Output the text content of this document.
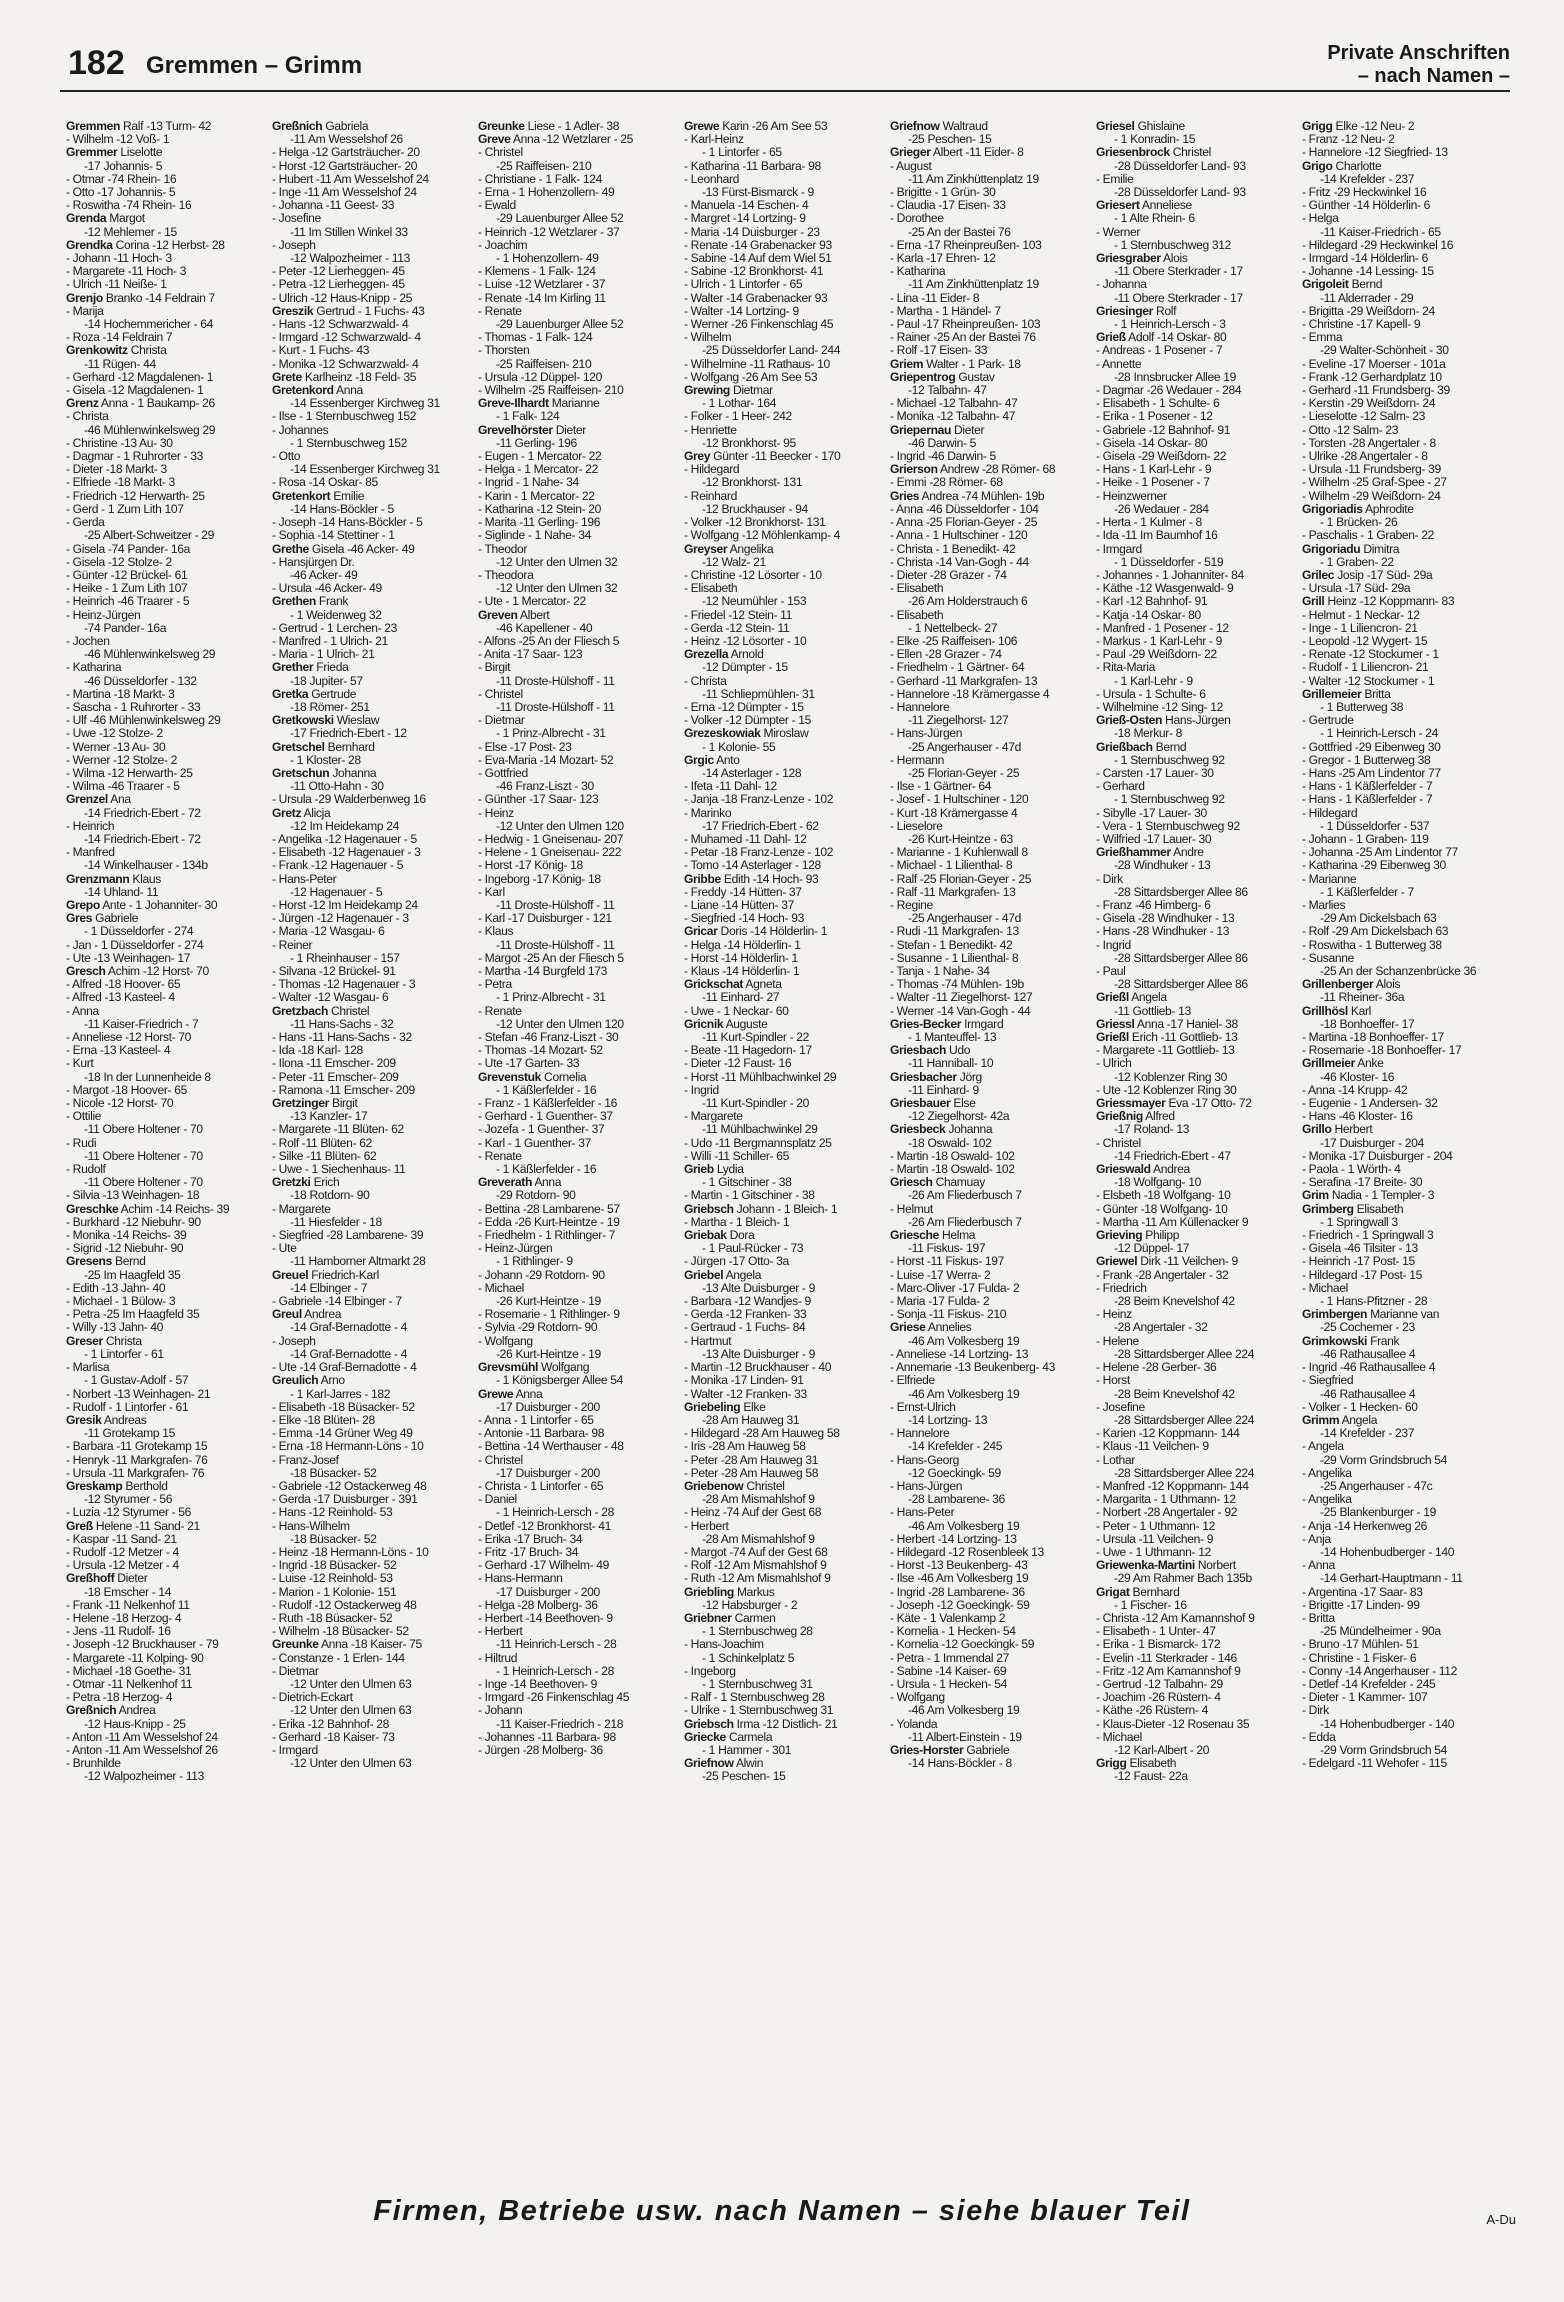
182 Gremmen – Grimm	Private Anschriften
– nach Namen –
Gremmen Ralf -13 Turm- 42
- Wilhelm -12 Voß- 1
Gremmer Liselotte
-17 Johannis- 5
- Otmar -74 Rhein- 16
- Otto -17 Johannis- 5
- Roswitha -74 Rhein- 16
Grenda Margot
-12 Mehlemer - 15
Grendka Corina -12 Herbst- 28
- Johann -11 Hoch- 3
- Margarete -11 Hoch- 3
- Ulrich -11 Neiße- 1
Grenjo Branko -14 Feldrain 7
- Marija
-14 Hochemmericher - 64
- Roza -14 Feldrain 7
Grenkowitz Christa
-11 Rügen- 44
- Gerhard -12 Magdalenen- 1
- Gisela -12 Magdalenen- 1
Grenz Anna - 1 Baukamp- 26
- Christa
-46 Mühlenwinkelsweg 29
- Christine -13 Au- 30
- Dagmar - 1 Ruhrorter - 33
- Dieter -18 Markt- 3
- Elfriede -18 Markt- 3
- Friedrich -12 Herwarth- 25
- Gerd - 1 Zum Lith 107
- Gerda
-25 Albert-Schweitzer - 29
- Gisela -74 Pander- 16a
- Gisela -12 Stolze- 2
- Günter -12 Brückel- 61
- Heike - 1 Zum Lith 107
- Heinrich -46 Traarer - 5
- Heinz-Jürgen
-74 Pander- 16a
- Jochen
-46 Mühlenwinkelsweg 29
- Katharina
-46 Düsseldorfer - 132
- Martina -18 Markt- 3
- Sascha - 1 Ruhrorter - 33
- Ulf -46 Mühlenwinkelsweg 29
- Uwe -12 Stolze- 2
- Werner -13 Au- 30
- Werner -12 Stolze- 2
- Wilma -12 Herwarth- 25
- Wilma -46 Traarer - 5
Grenzel Ana
-14 Friedrich-Ebert - 72
- Heinrich
-14 Friedrich-Ebert - 72
- Manfred
-14 Winkelhauser - 134b
Grenzmann Klaus
-14 Uhland- 11
Grepo Ante - 1 Johanniter- 30
Gres Gabriele
- 1 Düsseldorfer - 274
- Jan - 1 Düsseldorfer - 274
- Ute -13 Weinhagen- 17
Gresch Achim -12 Horst- 70
- Alfred -18 Hoover- 65
- Alfred -13 Kasteel- 4
- Anna
-11 Kaiser-Friedrich - 7
- Anneliese -12 Horst- 70
- Erna -13 Kasteel- 4
- Kurt
-18 In der Lunnenheide 8
- Margot -18 Hoover- 65
- Nicole -12 Horst- 70
- Ottilie
-11 Obere Holtener - 70
- Rudi
-11 Obere Holtener - 70
- Rudolf
-11 Obere Holtener - 70
- Silvia -13 Weinhagen- 18
Greschke Achim -14 Reichs- 39
- Burkhard -12 Niebuhr- 90
- Monika -14 Reichs- 39
- Sigrid -12 Niebuhr- 90
Gresens Bernd
-25 Im Haagfeld 35
- Edith -13 Jahn- 40
- Michael - 1 Bülow- 3
- Petra -25 Im Haagfeld 35
- Willy -13 Jahn- 40
Greser Christa
- 1 Lintorfer - 61
- Marlisa
- 1 Gustav-Adolf - 57
- Norbert -13 Weinhagen- 21
- Rudolf - 1 Lintorfer - 61
Gresik Andreas
-11 Grotekamp 15
- Barbara -11 Grotekamp 15
- Henryk -11 Markgrafen- 76
- Ursula -11 Markgrafen- 76
Greskamp Berthold
-12 Styrumer - 56
- Luzia -12 Styrumer - 56
Greß Helene -11 Sand- 21
- Kaspar -11 Sand- 21
- Rudolf -12 Metzer - 4
- Ursula -12 Metzer - 4
Greßhoff Dieter
-18 Emscher - 14
- Frank -11 Nelkenhof 11
- Helene -18 Herzog- 4
- Jens -11 Rudolf- 16
- Joseph -12 Bruckhauser - 79
- Margarete -11 Kolping- 90
- Michael -18 Goethe- 31
- Otmar -11 Nelkenhof 11
- Petra -18 Herzog- 4
Greßnich Andrea
-12 Haus-Knipp - 25
- Anton -11 Am Wesselshof 24
- Anton -11 Am Wesselshof 26
- Brunhilde
-12 Walpozheimer - 113
Greßnich Gabriela
-11 Am Wesselshof 26
- Helga -12 Gartsträucher- 20
- Horst -12 Gartsträucher- 20
- Hubert -11 Am Wesselshof 24
- Inge -11 Am Wesselshof 24
- Johanna -11 Geest- 33
- Josefine
-11 Im Stillen Winkel 33
- Joseph
-12 Walpozheimer - 113
- Peter -12 Lierheggen- 45
- Petra -12 Lierheggen- 45
- Ulrich -12 Haus-Knipp - 25
Greszik Gertrud - 1 Fuchs- 43
- Hans -12 Schwarzwald- 4
- Irmgard -12 Schwarzwald- 4
- Kurt - 1 Fuchs- 43
- Monika -12 Schwarzwald- 4
Grete Karlheinz -18 Feld- 35
Gretenkord Anna
-14 Essenberger Kirchweg 31
- Ilse - 1 Sternbuschweg 152
- Johannes
- 1 Sternbuschweg 152
- Otto
-14 Essenberger Kirchweg 31
- Rosa -14 Oskar- 85
Gretenkort Emilie
-14 Hans-Böckler - 5
- Joseph -14 Hans-Böckler - 5
- Sophia -14 Stettiner - 1
Grethe Gisela -46 Acker- 49
- Hansjürgen Dr.
-46 Acker- 49
- Ursula -46 Acker- 49
Grethen Frank
- 1 Weidenweg 32
- Gertrud - 1 Lerchen- 23
- Manfred - 1 Ulrich- 21
- Maria - 1 Ulrich- 21
Grether Frieda
-18 Jupiter- 57
Gretka Gertrude
-18 Römer- 251
Gretkowski Wieslaw
-17 Friedrich-Ebert - 12
Gretschel Bernhard
- 1 Kloster- 28
Gretschun Johanna
-11 Otto-Hahn - 30
- Ursula -29 Walderbenweg 16
Gretz Alicja
-12 Im Heidekamp 24
- Angelika -12 Hagenauer - 5
- Elisabeth -12 Hagenauer - 3
- Frank -12 Hagenauer - 5
- Hans-Peter
-12 Hagenauer - 5
- Horst -12 Im Heidekamp 24
- Jürgen -12 Hagenauer - 3
- Maria -12 Wasgau- 6
- Reiner
- 1 Rheinhauser - 157
- Silvana -12 Brückel- 91
- Thomas -12 Hagenauer - 3
- Walter -12 Wasgau- 6
Gretzbach Christel
-11 Hans-Sachs - 32
- Hans -11 Hans-Sachs - 32
- Ida -18 Karl- 128
- Ilona -11 Emscher- 209
- Peter -11 Emscher- 209
- Ramona -11 Emscher- 209
Gretzinger Birgit
-13 Kanzler- 17
- Margarete -11 Blüten- 62
- Rolf -11 Blüten- 62
- Silke -11 Blüten- 62
- Uwe - 1 Siechenhaus- 11
Gretzki Erich
-18 Rotdorn- 90
- Margarete
-11 Hiesfelder - 18
- Siegfried -28 Lambarene- 39
- Ute
-11 Hamborner Altmarkt 28
Greuel Friedrich-Karl
-14 Elbinger - 7
- Gabriele -14 Elbinger - 7
Greul Andrea
-14 Graf-Bernadotte - 4
- Joseph
-14 Graf-Bernadotte - 4
- Ute -14 Graf-Bernadotte - 4
Greulich Arno
- 1 Karl-Jarres - 182
- Elisabeth -18 Büsacker- 52
- Elke -18 Blüten- 28
- Emma -14 Grüner Weg 49
- Erna -18 Hermann-Löns - 10
- Franz-Josef
-18 Büsacker- 52
- Gabriele -12 Ostackerweg 48
- Gerda -17 Duisburger - 391
- Hans -12 Reinhold- 53
- Hans-Wilhelm
-18 Büsacker- 52
- Heinz -18 Hermann-Löns - 10
- Ingrid -18 Büsacker- 52
- Luise -12 Reinhold- 53
- Marion - 1 Kolonie- 151
- Rudolf -12 Ostackerweg 48
- Ruth -18 Büsacker- 52
- Wilhelm -18 Büsacker- 52
Greunke Anna -18 Kaiser- 75
- Constanze - 1 Erlen- 144
- Dietmar
-12 Unter den Ulmen 63
- Dietrich-Eckart
-12 Unter den Ulmen 63
- Erika -12 Bahnhof- 28
- Gerhard -18 Kaiser- 73
- Irmgard
-12 Unter den Ulmen 63
Greunke Liese - 1 Adler- 38
Greve Anna -12 Wetzlarer - 25
- Christel
-25 Raiffeisen- 210
- Christiane - 1 Falk- 124
- Erna - 1 Hohenzollern- 49
- Ewald
-29 Lauenburger Allee 52
- Heinrich -12 Wetzlarer - 37
- Joachim
- 1 Hohenzollern- 49
- Klemens - 1 Falk- 124
- Luise -12 Wetzlarer - 37
- Renate -14 Im Kirling 11
- Renate
-29 Lauenburger Allee 52
- Thomas - 1 Falk- 124
- Thorsten
-25 Raiffeisen- 210
- Ursula -12 Düppel- 120
- Wilhelm -25 Raiffeisen- 210
Greve-Ilhardt Marianne
- 1 Falk- 124
Grevelhörster Dieter
-11 Gerling- 196
- Eugen - 1 Mercator- 22
- Helga - 1 Mercator- 22
- Ingrid - 1 Nahe- 34
- Karin - 1 Mercator- 22
- Katharina -12 Stein- 20
- Marita -11 Gerling- 196
- Siglinde - 1 Nahe- 34
- Theodor
-12 Unter den Ulmen 32
- Theodora
-12 Unter den Ulmen 32
- Ute - 1 Mercator- 22
Greven Albert
-46 Kapellener - 40
- Alfons -25 An der Fliesch 5
- Anita -17 Saar- 123
- Birgit
-11 Droste-Hülshoff - 11
- Christel
-11 Droste-Hülshoff - 11
- Dietmar
- 1 Prinz-Albrecht - 31
- Else -17 Post- 23
- Eva-Maria -14 Mozart- 52
- Gottfried
-46 Franz-Liszt - 30
- Günther -17 Saar- 123
- Heinz
-12 Unter den Ulmen 120
- Hedwig - 1 Gneisenau- 207
- Helene - 1 Gneisenau- 222
- Horst -17 König- 18
- Ingeborg -17 König- 18
- Karl
-11 Droste-Hülshoff - 11
- Karl -17 Duisburger - 121
- Klaus
-11 Droste-Hülshoff - 11
- Margot -25 An der Fliesch 5
- Martha -14 Burgfeld 173
- Petra
- 1 Prinz-Albrecht - 31
- Renate
-12 Unter den Ulmen 120
- Stefan -46 Franz-Liszt - 30
- Thomas -14 Mozart- 52
- Ute -17 Garten- 33
Grevenstuk Cornelia
- 1 Käßlerfelder - 16
- Franz - 1 Käßlerfelder - 16
- Gerhard - 1 Guenther- 37
- Jozefa - 1 Guenther- 37
- Karl - 1 Guenther- 37
- Renate
- 1 Käßlerfelder - 16
Greverath Anna
-29 Rotdorn- 90
- Bettina -28 Lambarene- 57
- Edda -26 Kurt-Heintze - 19
- Friedhelm - 1 Rithlinger- 7
- Heinz-Jürgen
- 1 Rithlinger- 9
- Johann -29 Rotdorn- 90
- Michael
-26 Kurt-Heintze - 19
- Rosemarie - 1 Rithlinger- 9
- Sylvia -29 Rotdorn- 90
- Wolfgang
-26 Kurt-Heintze - 19
Grevsmühl Wolfgang
- 1 Königsberger Allee 54
Grewe Anna
-17 Duisburger - 200
- Anna - 1 Lintorfer - 65
- Antonie -11 Barbara- 98
- Bettina -14 Werthauser - 48
- Christel
-17 Duisburger - 200
- Christa - 1 Lintorfer - 65
- Daniel
- 1 Heinrich-Lersch - 28
- Detlef -12 Bronkhorst- 41
- Erika -17 Bruch- 34
- Fritz -17 Bruch- 34
- Gerhard -17 Wilhelm- 49
- Hans-Hermann
-17 Duisburger - 200
- Helga -28 Molberg- 36
- Herbert -14 Beethoven- 9
- Herbert
-11 Heinrich-Lersch - 28
- Hiltrud
- 1 Heinrich-Lersch - 28
- Inge -14 Beethoven- 9
- Irmgard -26 Finkenschlag 45
- Johann
-11 Kaiser-Friedrich - 218
- Johannes -11 Barbara- 98
- Jürgen -28 Molberg- 36
Grewe Karin -26 Am See 53
- Karl-Heinz
- 1 Lintorfer - 65
- Katharina -11 Barbara- 98
- Leonhard
-13 Fürst-Bismarck - 9
- Manuela -14 Eschen- 4
- Margret -14 Lortzing- 9
- Maria -14 Duisburger - 23
- Renate -14 Grabenacker 93
- Sabine -14 Auf dem Wiel 51
- Sabine -12 Bronkhorst- 41
- Ulrich - 1 Lintorfer - 65
- Walter -14 Grabenacker 93
- Walter -14 Lortzing- 9
- Werner -26 Finkenschlag 45
- Wilhelm
-25 Düsseldorfer Land- 244
- Wilhelmine -11 Rathaus- 10
- Wolfgang -26 Am See 53
Grewing Dietmar
- 1 Lothar- 164
- Folker - 1 Heer- 242
- Henriette
-12 Bronkhorst- 95
Grey Günter -11 Beecker - 170
- Hildegard
-12 Bronkhorst- 131
- Reinhard
-12 Bruckhauser - 94
- Volker -12 Bronkhorst- 131
- Wolfgang -12 Möhlenkamp- 4
Greyser Angelika
-12 Walz- 21
- Christine -12 Lösorter - 10
- Elisabeth
-12 Neumühler - 153
- Friedel -12 Stein- 11
- Gerda -12 Stein- 11
- Heinz -12 Lösorter - 10
Grezella Arnold
-12 Dümpter - 15
- Christa
-11 Schliepmühlen- 31
- Erna -12 Dümpter - 15
- Volker -12 Dümpter - 15
Grezeskowiak Miroslaw
- 1 Kolonie- 55
Grgic Anto
-14 Asterlager - 128
- Ifeta -11 Dahl- 12
- Janja -18 Franz-Lenze - 102
- Marinko
-17 Friedrich-Ebert - 62
- Muhamed -11 Dahl- 12
- Petar -18 Franz-Lenze - 102
- Tomo -14 Asterlager - 128
Gribbe Edith -14 Hoch- 93
- Freddy -14 Hütten- 37
- Liane -14 Hütten- 37
- Siegfried -14 Hoch- 93
Gricar Doris -14 Hölderlin- 1
- Helga -14 Hölderlin- 1
- Horst -14 Hölderlin- 1
- Klaus -14 Hölderlin- 1
Grickschat Agneta
-11 Einhard- 27
- Uwe - 1 Neckar- 60
Gricnik Auguste
-11 Kurt-Spindler - 22
- Beate -11 Hagedorn- 17
- Dieter -12 Faust- 16
- Horst -11 Mühlbachwinkel 29
- Ingrid
-11 Kurt-Spindler - 20
- Margarete
-11 Mühlbachwinkel 29
- Udo -11 Bergmannsplatz 25
- Willi -11 Schiller- 65
Grieb Lydia
- 1 Gitschiner - 38
- Martin - 1 Gitschiner - 38
Griebsch Johann - 1 Bleich- 1
- Martha - 1 Bleich- 1
Griebak Dora
- 1 Paul-Rücker - 73
- Jürgen -17 Otto- 3a
Griebel Angela
-13 Alte Duisburger - 9
- Barbara -12 Wandjes- 9
- Gerda -12 Franken- 33
- Gertraud - 1 Fuchs- 84
- Hartmut
-13 Alte Duisburger - 9
- Martin -12 Bruckhauser - 40
- Monika -17 Linden- 91
- Walter -12 Franken- 33
Griebeling Elke
-28 Am Hauweg 31
- Hildegard -28 Am Hauweg 58
- Iris -28 Am Hauweg 58
- Peter -28 Am Hauweg 31
- Peter -28 Am Hauweg 58
Griebenow Christel
-28 Am Mismahlshof 9
- Heinz -74 Auf der Gest 68
- Herbert
-28 Am Mismahlshof 9
- Margot -74 Auf der Gest 68
- Rolf -12 Am Mismahlshof 9
- Ruth -12 Am Mismahlshof 9
Griebling Markus
-12 Habsburger - 2
Griebner Carmen
- 1 Sternbuschweg 28
- Hans-Joachim
- 1 Schinkelplatz 5
- Ingeborg
- 1 Sternbuschweg 31
- Ralf - 1 Sternbuschweg 28
- Ulrike - 1 Sternbuschweg 31
Griebsch Irma -12 Distlich- 21
Griecke Carmela
- 1 Hammer - 301
Griefnow Alwin
-25 Peschen- 15
Griefnow Waltraud
-25 Peschen- 15
Grieger Albert -11 Eider- 8
- August
-11 Am Zinkhüttenplatz 19
- Brigitte - 1 Grün- 30
- Claudia -17 Eisen- 33
- Dorothee
-25 An der Bastei 76
- Erna -17 Rheinpreußen- 103
- Karla -17 Ehren- 12
- Katharina
-11 Am Zinkhüttenplatz 19
- Lina -11 Eider- 8
- Martha - 1 Händel- 7
- Paul -17 Rheinpreußen- 103
- Rainer -25 An der Bastei 76
- Rolf -17 Eisen- 33
Griem Walter - 1 Park- 18
Griepentrog Gustav
-12 Talbahn- 47
- Michael -12 Talbahn- 47
- Monika -12 Talbahn- 47
Griepernau Dieter
-46 Darwin- 5
- Ingrid -46 Darwin- 5
Grierson Andrew -28 Römer- 68
- Emmi -28 Römer- 68
Gries Andrea -74 Mühlen- 19b
- Anna -46 Düsseldorfer - 104
- Anna -25 Florian-Geyer - 25
- Anna - 1 Hultschiner - 120
- Christa - 1 Benedikt- 42
- Christa -14 Van-Gogh - 44
- Dieter -28 Grazer - 74
- Elisabeth
-26 Am Holderstrauch 6
- Elisabeth
- 1 Nettelbeck- 27
- Elke -25 Raiffeisen- 106
- Ellen -28 Grazer - 74
- Friedhelm - 1 Gärtner- 64
- Gerhard -11 Markgrafen- 13
- Hannelore -18 Krämergasse 4
- Hannelore
-11 Ziegelhorst- 127
- Hans-Jürgen
-25 Angerhauser - 47d
- Hermann
-25 Florian-Geyer - 25
- Ilse - 1 Gärtner- 64
- Josef - 1 Hultschiner - 120
- Kurt -18 Krämergasse 4
- Lieselore
-26 Kurt-Heintze - 63
- Marianne - 1 Kuhlenwall 8
- Michael - 1 Lilienthal- 8
- Ralf -25 Florian-Geyer - 25
- Ralf -11 Markgrafen- 13
- Regine
-25 Angerhauser - 47d
- Rudi -11 Markgrafen- 13
- Stefan - 1 Benedikt- 42
- Susanne - 1 Lilienthal- 8
- Tanja - 1 Nahe- 34
- Thomas -74 Mühlen- 19b
- Walter -11 Ziegelhorst- 127
- Werner -14 Van-Gogh - 44
Gries-Becker Irmgard
- 1 Manteuffel- 13
Griesbach Udo
-11 Hanniball- 10
Griesbacher Jörg
-11 Einhard- 9
Griesbauer Else
-12 Ziegelhorst- 42a
Griesbeck Johanna
-18 Oswald- 102
- Martin -18 Oswald- 102
- Martin -18 Oswald- 102
Griesch Chamuay
-26 Am Fliederbusch 7
- Helmut
-26 Am Fliederbusch 7
Griesche Helma
-11 Fiskus- 197
- Horst -11 Fiskus- 197
- Luise -17 Werra- 2
- Marc-Oliver -17 Fulda- 2
- Maria -17 Fulda- 2
- Sonja -11 Fiskus- 210
Griese Annelies
-46 Am Volkesberg 19
- Anneliese -14 Lortzing- 13
- Annemarie -13 Beukenberg- 43
- Elfriede
-46 Am Volkesberg 19
- Ernst-Ulrich
-14 Lortzing- 13
- Hannelore
-14 Krefelder - 245
- Hans-Georg
-12 Goeckingk- 59
- Hans-Jürgen
-28 Lambarene- 36
- Hans-Peter
-46 Am Volkesberg 19
- Herbert -14 Lortzing- 13
- Hildegard -12 Rosenbleek 13
- Horst -13 Beukenberg- 43
- Ilse -46 Am Volkesberg 19
- Ingrid -28 Lambarene- 36
- Joseph -12 Goeckingk- 59
- Käte - 1 Valenkamp 2
- Kornelia - 1 Hecken- 54
- Kornelia -12 Goeckingk- 59
- Petra - 1 Immendal 27
- Sabine -14 Kaiser- 69
- Ursula - 1 Hecken- 54
- Wolfgang
-46 Am Volkesberg 19
- Yolanda
-11 Albert-Einstein - 19
Gries-Horster Gabriele
-14 Hans-Böckler - 8
Griesel Ghislaine
- 1 Konradin- 15
Griesenbrock Christel
-28 Düsseldorfer Land- 93
- Emilie
-28 Düsseldorfer Land- 93
Griesert Anneliese
- 1 Alte Rhein- 6
- Werner
- 1 Sternbuschweg 312
Griesgraber Alois
-11 Obere Sterkrader - 17
- Johanna
-11 Obere Sterkrader - 17
Griesinger Rolf
- 1 Heinrich-Lersch - 3
Grieß Adolf -14 Oskar- 80
- Andreas - 1 Posener - 7
- Annette
-28 Innsbrucker Allee 19
- Dagmar -26 Wedauer - 284
- Elisabeth - 1 Schulte- 6
- Erika - 1 Posener - 12
- Gabriele -12 Bahnhof- 91
- Gisela -14 Oskar- 80
- Gisela -29 Weißdorn- 22
- Hans - 1 Karl-Lehr - 9
- Heike - 1 Posener - 7
- Heinzwerner
-26 Wedauer - 284
- Herta - 1 Kulmer - 8
- Ida -11 Im Baumhof 16
- Irmgard
- 1 Düsseldorfer - 519
- Johannes - 1 Johanniter- 84
- Käthe -12 Wasgenwald- 9
- Karl -12 Bahnhof- 91
- Katja -14 Oskar- 80
- Manfred - 1 Posener - 12
- Markus - 1 Karl-Lehr - 9
- Paul -29 Weißdorn- 22
- Rita-Maria
- 1 Karl-Lehr - 9
- Ursula - 1 Schulte- 6
- Wilhelmine -12 Sing- 12
Grieß-Osten Hans-Jürgen
-18 Merkur- 8
Grießbach Bernd
- 1 Sternbuschweg 92
- Carsten -17 Lauer- 30
- Gerhard
- 1 Sternbuschweg 92
- Sibylle -17 Lauer- 30
- Vera - 1 Sternbuschweg 92
- Wilfried -17 Lauer- 30
Grießhammer Andre
-28 Windhuker - 13
- Dirk
-28 Sittardsberger Allee 86
- Franz -46 Himberg- 6
- Gisela -28 Windhuker - 13
- Hans -28 Windhuker - 13
- Ingrid
-28 Sittardsberger Allee 86
- Paul
-28 Sittardsberger Allee 86
Grießl Angela
-11 Gottlieb- 13
Griessl Anna -17 Haniel- 38
Grießl Erich -11 Gottlieb- 13
- Margarete -11 Gottlieb- 13
- Ulrich
-12 Koblenzer Ring 30
- Ute -12 Koblenzer Ring 30
Griessmayer Eva -17 Otto- 72
Grießnig Alfred
-17 Roland- 13
- Christel
-14 Friedrich-Ebert - 47
Grieswald Andrea
-18 Wolfgang- 10
- Elsbeth -18 Wolfgang- 10
- Günter -18 Wolfgang- 10
- Martha -11 Am Küllenacker 9
Grieving Philipp
-12 Düppel- 17
Griewel Dirk -11 Veilchen- 9
- Frank -28 Angertaler - 32
- Friedrich
-28 Beim Knevelshof 42
- Heinz
-28 Angertaler - 32
- Helene
-28 Sittardsberger Allee 224
- Helene -28 Gerber- 36
- Horst
-28 Beim Knevelshof 42
- Josefine
-28 Sittardsberger Allee 224
- Karien -12 Koppmann- 144
- Klaus -11 Veilchen- 9
- Lothar
-28 Sittardsberger Allee 224
- Manfred -12 Koppmann- 144
- Margarita - 1 Uthmann- 12
- Norbert -28 Angertaler - 92
- Peter - 1 Uthmann- 12
- Ursula -11 Veilchen- 9
- Uwe - 1 Uthmann- 12
Griewenka-Martini Norbert
-29 Am Rahmer Bach 135b
Grigat Bernhard
- 1 Fischer- 16
- Christa -12 Am Kamannshof 9
- Elisabeth - 1 Unter- 47
- Erika - 1 Bismarck- 172
- Evelin -11 Sterkrader - 146
- Fritz -12 Am Kamannshof 9
- Gertrud -12 Talbahn- 29
- Joachim -26 Rüstern- 4
- Käthe -26 Rüstern- 4
- Klaus-Dieter -12 Rosenau 35
- Michael
-12 Karl-Albert - 20
Grigg Elisabeth
-12 Faust- 22a
Grigg Elke -12 Neu- 2
- Franz -12 Neu- 2
- Hannelore -12 Siegfried- 13
Grigo Charlotte
-14 Krefelder - 237
- Fritz -29 Heckwinkel 16
- Günther -14 Hölderlin- 6
- Helga
-11 Kaiser-Friedrich - 65
- Hildegard -29 Heckwinkel 16
- Irmgard -14 Hölderlin- 6
- Johanne -14 Lessing- 15
Grigoleit Bernd
-11 Alderrader - 29
- Brigitta -29 Weißdorn- 24
- Christine -17 Kapell- 9
- Emma
-29 Walter-Schönheit - 30
- Eveline -17 Moerser - 101a
- Frank -12 Gerhardplatz 10
- Gerhard -11 Frundsberg- 39
- Kerstin -29 Weißdorn- 24
- Lieselotte -12 Salm- 23
- Otto -12 Salm- 23
- Torsten -28 Angertaler - 8
- Ulrike -28 Angertaler - 8
- Ursula -11 Frundsberg- 39
- Wilhelm -25 Graf-Spee - 27
- Wilhelm -29 Weißdorn- 24
Grigoriadis Aphrodite
- 1 Brücken- 26
- Paschalis - 1 Graben- 22
Grigoriadu Dimitra
- 1 Graben- 22
Grilec Josip -17 Süd- 29a
- Ursula -17 Süd- 29a
Grill Heinz -12 Koppmann- 83
- Helmut - 1 Neckar- 12
- Inge - 1 Liliencron- 21
- Leopold -12 Wygert- 15
- Renate -12 Stockumer - 1
- Rudolf - 1 Liliencron- 21
- Walter -12 Stockumer - 1
Grillemeier Britta
- 1 Butterweg 38
- Gertrude
- 1 Heinrich-Lersch - 24
- Gottfried -29 Eibenweg 30
- Gregor - 1 Butterweg 38
- Hans -25 Am Lindentor 77
- Hans - 1 Käßlerfelder - 7
- Hans - 1 Käßlerfelder - 7
- Hildegard
- 1 Düsseldorfer - 537
- Johann - 1 Graben- 119
- Johanna -25 Am Lindentor 77
- Katharina -29 Eibenweg 30
- Marianne
- 1 Käßlerfelder - 7
- Marlies
-29 Am Dickelsbach 63
- Rolf -29 Am Dickelsbach 63
- Roswitha - 1 Butterweg 38
- Susanne
-25 An der Schanzenbrücke 36
Grillenberger Alois
-11 Rheiner- 36a
Grillhösl Karl
-18 Bonhoeffer- 17
- Martina -18 Bonhoeffer- 17
- Rosemarie -18 Bonhoeffer- 17
Grillmeier Anke
-46 Kloster- 16
- Anna -14 Krupp- 42
- Eugenie - 1 Andersen- 32
- Hans -46 Kloster- 16
Grillo Herbert
-17 Duisburger - 204
- Monika -17 Duisburger - 204
- Paola - 1 Wörth- 4
- Serafina -17 Breite- 30
Grim Nadia - 1 Templer- 3
Grimberg Elisabeth
- 1 Springwall 3
- Friedrich - 1 Springwall 3
- Gisela -46 Tilsiter - 13
- Heinrich -17 Post- 15
- Hildegard -17 Post- 15
- Michael
- 1 Hans-Pfitzner - 28
Grimbergen Marianne van
-25 Cochemer - 23
Grimkowski Frank
-46 Rathausallee 4
- Ingrid -46 Rathausallee 4
- Siegfried
-46 Rathausallee 4
- Volker - 1 Hecken- 60
Grimm Angela
-14 Krefelder - 237
- Angela
-29 Vorm Grindsbruch 54
- Angelika
-25 Angerhauser - 47c
- Angelika
-25 Blankenburger - 19
- Anja -14 Herkenweg 26
- Anja
-14 Hohenbudberger - 140
- Anna
-14 Gerhart-Hauptmann - 11
- Argentina -17 Saar- 83
- Brigitte -17 Linden- 99
- Britta
-25 Mündelheimer - 90a
- Bruno -17 Mühlen- 51
- Christine - 1 Fisker- 6
- Conny -14 Angerhauser - 112
- Detlef -14 Krefelder - 245
- Dieter - 1 Kammer- 107
- Dirk
-14 Hohenbudberger - 140
- Edda
-29 Vorm Grindsbruch 54
- Edelgard -11 Wehofer - 115
Firmen, Betriebe usw. nach Namen – siehe blauer Teil	A-Du
